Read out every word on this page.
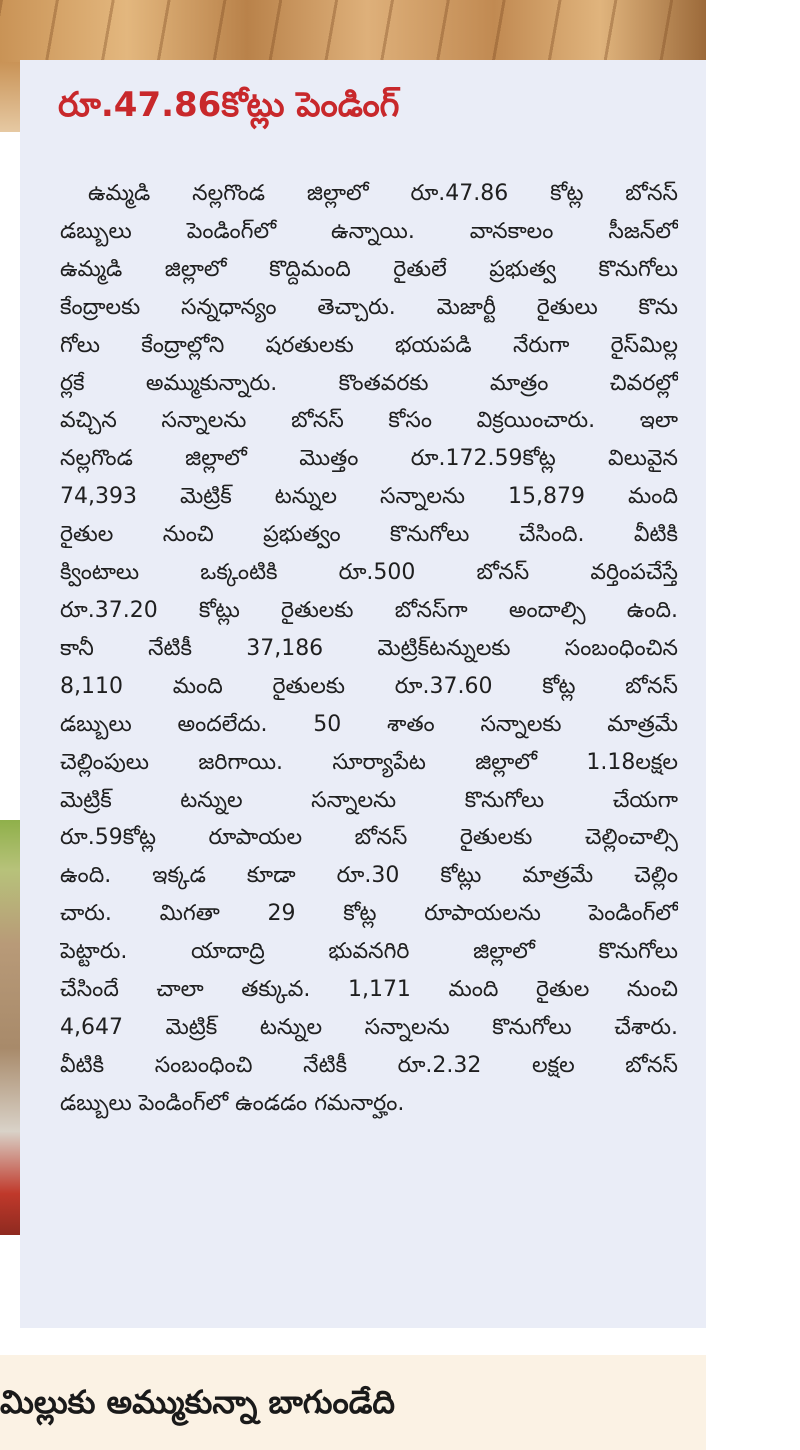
రూ.47.86కోట్లు పెండింగ్
ఉమ్మడి నల్లగొండ జిల్లాలో రూ.47.86 కోట్ల బోనస్
డబ్బులు పెండింగ్‌లో ఉన్నాయి. వానకాలం సీజన్‌లో
ఉమ్మడి జిల్లాలో కొద్దిమంది రైతులే ప్రభుత్వ కొనుగోలు
కేంద్రాలకు సన్నధాన్యం తెచ్చారు. మెజార్టీ రైతులు కొను
గోలు కేంద్రాల్లోని షరతులకు భయపడి నేరుగా రైస్‌మిల్ల
ర్లకే అమ్ముకున్నారు. కొంతవరకు మాత్రం చివరల్లో
వచ్చిన సన్నాలను బోనస్ కోసం విక్రయించారు. ఇలా
నల్లగొండ జిల్లాలో మొత్తం రూ.172.59కోట్ల విలువైన
74,393 మెట్రిక్ టన్నుల సన్నాలను 15,879 మంది
రైతుల నుంచి ప్రభుత్వం కొనుగోలు చేసింది. వీటికి
క్వింటాలు ఒక్కంటికి రూ.500 బోనస్ వర్తింపచేస్తే
రూ.37.20 కోట్లు రైతులకు బోనస్‌గా అందాల్సి ఉంది.
కానీ నేటికీ 37,186 మెట్రిక్‌టన్నులకు సంబంధించిన
8,110 మంది రైతులకు రూ.37.60 కోట్ల బోనస్
డబ్బులు అందలేదు. 50 శాతం సన్నాలకు మాత్రమే
చెల్లింపులు జరిగాయి. సూర్యాపేట జిల్లాలో 1.18లక్షల
మెట్రిక్ టన్నుల సన్నాలను కొనుగోలు చేయగా
రూ.59కోట్ల రూపాయల బోనస్ రైతులకు చెల్లించాల్సి
ఉంది. ఇక్కడ కూడా రూ.30 కోట్లు మాత్రమే చెల్లిం
చారు. మిగతా 29 కోట్ల రూపాయలను పెండింగ్‌లో
పెట్టారు. యాదాద్రి భువనగిరి జిల్లాలో కొనుగోలు
చేసిందే చాలా తక్కువ. 1,171 మంది రైతుల నుంచి
4,647 మెట్రిక్ టన్నుల సన్నాలను కొనుగోలు చేశారు.
వీటికి సంబంధించి నేటికీ రూ.2.32 లక్షల బోనస్
డబ్బులు పెండింగ్‌లో ఉండడం గమనార్హం.
మిల్లుకు అమ్ముకున్నా బాగుండేది
